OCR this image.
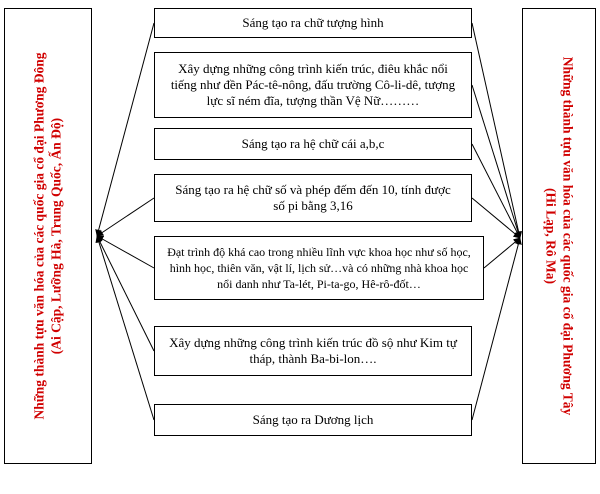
Những thành tựu văn hóa của các quốc gia cổ đại Phương Đông (Ai Cập, Lưỡng Hà, Trung Quốc, Ấn Độ)	Những thành tựu văn hóa của các quốc gia cổ đại Phương Tây
(Hi Lạp, Rô Ma)
Sáng tạo ra chữ tượng hình
Xây dựng những công trình kiến trúc, điêu khắc nổi tiếng như đền Pác-tê-nông, đấu trường Cô-li-dê, tượng lực sĩ ném đĩa, tượng thần Vệ Nữ………
Sáng tạo ra hệ chữ cái a,b,c
Sáng tạo ra hệ chữ số và phép đếm đến 10, tính được số pi bằng 3,16
Đạt trình độ khá cao trong nhiều lĩnh vực khoa học như số học, hình học, thiên văn, vật lí, lịch sử…và có những nhà khoa học nổi danh như Ta-lét, Pi-ta-go, Hê-rô-đốt…
Xây dựng những công trình kiến trúc đồ sộ như Kim tự tháp, thành Ba-bi-lon….
Sáng tạo ra Dương lịch
